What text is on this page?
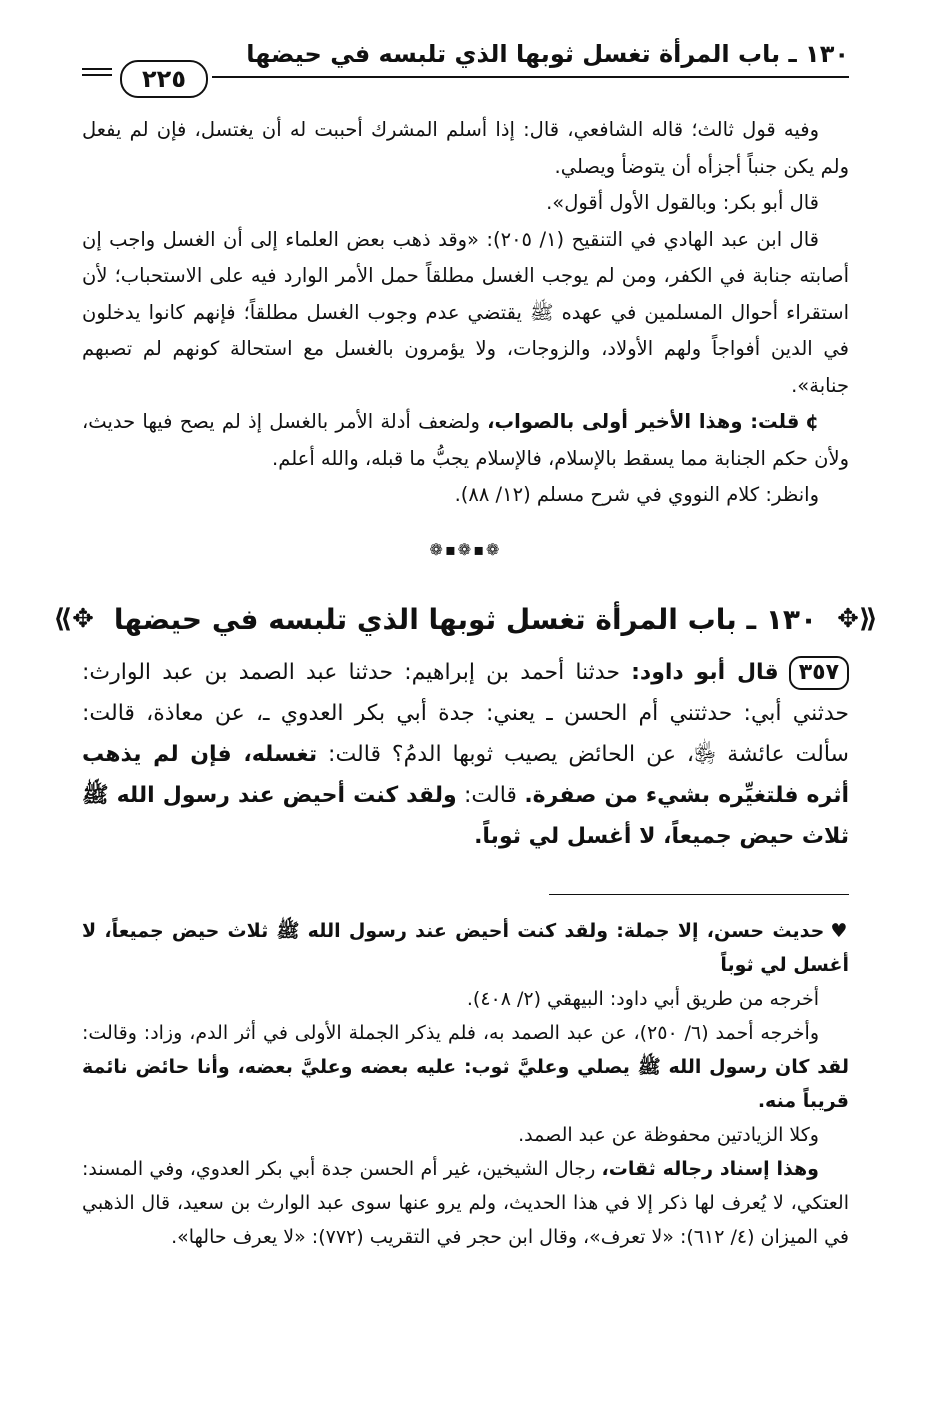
١٣٠ ـ باب المرأة تغسل ثوبها الذي تلبسه في حيضها
٢٢٥

وفيه قول ثالث؛ قاله الشافعي، قال: إذا أسلم المشرك أحببت له أن يغتسل، فإن لم يفعل ولم يكن جنباً أجزأه أن يتوضأ ويصلي.

قال أبو بكر: وبالقول الأول أقول».

قال ابن عبد الهادي في التنقيح (١/ ٢٠٥): «وقد ذهب بعض العلماء إلى أن الغسل واجب إن أصابته جنابة في الكفر، ومن لم يوجب الغسل مطلقاً حمل الأمر الوارد فيه على الاستحباب؛ لأن استقراء أحوال المسلمين في عهده ﷺ يقتضي عدم وجوب الغسل مطلقاً؛ فإنهم كانوا يدخلون في الدين أفواجاً ولهم الأولاد، والزوجات، ولا يؤمرون بالغسل مع استحالة كونهم لم تصبهم جنابة».

¢قلت: وهذا الأخير أولى بالصواب، ولضعف أدلة الأمر بالغسل إذ لم يصح فيها حديث، ولأن حكم الجنابة مما يسقط بالإسلام، فالإسلام يجبُّ ما قبله، والله أعلم.

وانظر: كلام النووي في شرح مسلم (١٢/ ٨٨).

❁▪❁▪❁
⟪✥
١٣٠ ـ باب المرأة تغسل ثوبها الذي تلبسه في حيضها
✥⟫

٣٥٧قال أبو داود: حدثنا أحمد بن إبراهيم: حدثنا عبد الصمد بن عبد الوارث: حدثني أبي: حدثتني أم الحسن ـ يعني: جدة أبي بكر العدوي ـ، عن معاذة، قالت: سألت عائشة ﵂، عن الحائض يصيب ثوبها الدمُ؟ قالت: تغسله، فإن لم يذهب أثره فلتغيِّره بشيء من صفرة. قالت: ولقد كنت أحيض عند رسول الله ﷺ ثلاث حيض جميعاً، لا أغسل لي ثوباً.

♥حديث حسن، إلا جملة: ولقد كنت أحيض عند رسول الله ﷺ ثلاث حيض جميعاً، لا أغسل لي ثوباً

أخرجه من طريق أبي داود: البيهقي (٢/ ٤٠٨).

وأخرجه أحمد (٦/ ٢٥٠)، عن عبد الصمد به، فلم يذكر الجملة الأولى في أثر الدم، وزاد: وقالت: لقد كان رسول الله ﷺ يصلي وعليَّ ثوب: عليه بعضه وعليَّ بعضه، وأنا حائض نائمة قريباً منه.

وكلا الزيادتين محفوظة عن عبد الصمد.

وهذا إسناد رجاله ثقات، رجال الشيخين، غير أم الحسن جدة أبي بكر العدوي، وفي المسند: العتكي، لا يُعرف لها ذكر إلا في هذا الحديث، ولم يرو عنها سوى عبد الوارث بن سعيد، قال الذهبي في الميزان (٤/ ٦١٢): «لا تعرف»، وقال ابن حجر في التقريب (٧٧٢): «لا يعرف حالها».
